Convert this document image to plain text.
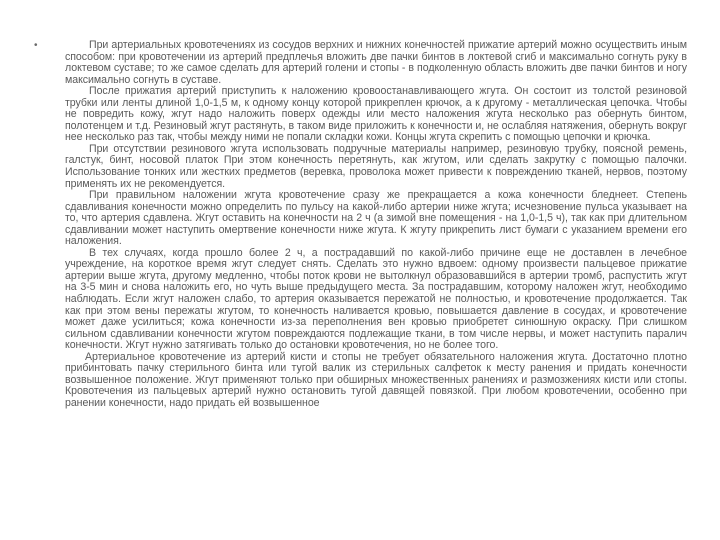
•	При артериальных кровотечениях из сосудов верхних и нижних конечностей прижатие артерий можно осуществить иным способом: при кровотечении из артерий предплечья вложить две пачки бинтов в локтевой сгиб и максимально согнуть руку в локтевом суставе; то же самое сделать для артерий голени и стопы - в подколенную область вложить две пачки бинтов и ногу максимально согнуть в суставе.

После прижатия артерий приступить к наложению кровоостанавливающего жгута. Он состоит из толстой резиновой трубки или ленты длиной 1,0-1,5 м, к одному концу которой прикреплен крючок, а к другому - металлическая цепочка. Чтобы не повредить кожу, жгут надо наложить поверх одежды или место наложения жгута несколько раз обернуть бинтом, полотенцем и т.д. Резиновый жгут растянуть, в таком виде приложить к конечности и, не ослабляя натяжения, обернуть вокруг нее несколько раз так, чтобы между ними не попали складки кожи. Концы жгута скрепить с помощью цепочки и крючка.

При отсутствии резинового жгута использовать подручные материалы например, резиновую трубку, поясной ремень, галстук, бинт, носовой платок При этом конечность перетянуть, как жгутом, или сделать закрутку с помощью палочки. Использование тонких или жестких предметов (веревка, проволока может привести к повреждению тканей, нервов, поэтому применять их не рекомендуется.

При правильном наложении жгута кровотечение сразу же прекращается а кожа конечности бледнеет. Степень сдавливания конечности можно определить по пульсу на какой-либо артерии ниже жгута; исчезновение пульса указывает на то, что артерия сдавлена. Жгут оставить на конечности на 2 ч (а зимой вне помещения - на 1,0-1,5 ч), так как при длительном сдавливании может наступить омертвение конечности ниже жгута. К жгуту прикрепить лист бумаги с указанием времени его наложения.

В тех случаях, когда прошло более 2 ч, а пострадавший по какой-либо причине еще не доставлен в лечебное учреждение, на короткое время жгут следует снять. Сделать это нужно вдвоем: одному произвести пальцевое прижатие артерии выше жгута, другому медленно, чтобы поток крови не вытолкнул образовавшийся в артерии тромб, распустить жгут на 3-5 мин и снова наложить его, но чуть выше предыдущего места. За пострадавшим, которому наложен жгут, необходимо наблюдать. Если жгут наложен слабо, то артерия оказывается пережатой не полностью, и кровотечение продолжается. Так как при этом вены пережаты жгутом, то конечность наливается кровью, повышается давление в сосудах, и кровотечение может даже усилиться; кожа конечности из-за переполнения вен кровью приобретет синюшную окраску. При слишком сильном сдавливании конечности жгутом повреждаются подлежащие ткани, в том числе нервы, и может наступить паралич конечности. Жгут нужно затягивать только до остановки кровотечения, но не более того.

Артериальное кровотечение из артерий кисти и стопы не требует обязательного наложения жгута. Достаточно плотно прибинтовать пачку стерильного бинта или тугой валик из стерильных салфеток к месту ранения и придать конечности возвышенное положение. Жгут применяют только при обширных множественных ранениях и размозжениях кисти или стопы. Кровотечения из пальцевых артерий нужно остановить тугой давящей повязкой. При любом кровотечении, особенно при ранении конечности, надо придать ей возвышенное
